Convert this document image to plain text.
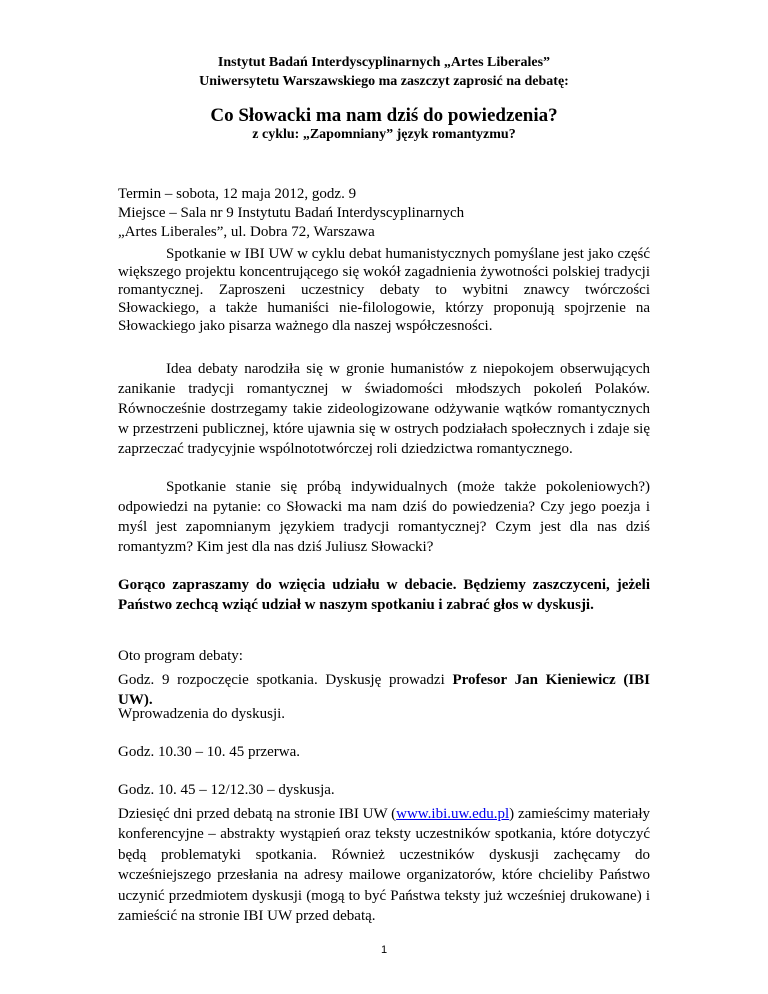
Instytut Badań Interdyscyplinarnych „Artes Liberales”

Uniwersytetu Warszawskiego ma zaszczyt zaprosić na debatę:

Co Słowacki ma nam dziś do powiedzenia?

z cyklu: „Zapomniany” język romantyzmu?

Termin – sobota, 12 maja 2012, godz. 9

Miejsce – Sala nr 9 Instytutu Badań Interdyscyplinarnych

„Artes Liberales”, ul. Dobra 72, Warszawa

Spotkanie w IBI UW w cyklu debat humanistycznych pomyślane jest jako część większego projektu koncentrującego się wokół zagadnienia żywotności polskiej tradycji romantycznej. Zaproszeni uczestnicy debaty to wybitni znawcy twórczości Słowackiego, a także humaniści nie-filologowie, którzy proponują spojrzenie na Słowackiego jako pisarza ważnego dla naszej współczesności.

Idea debaty narodziła się w gronie humanistów z niepokojem obserwujących zanikanie tradycji romantycznej w świadomości młodszych pokoleń Polaków. Równocześnie dostrzegamy takie zideologizowane odżywanie wątków romantycznych w przestrzeni publicznej, które ujawnia się w ostrych podziałach społecznych i zdaje się zaprzeczać tradycyjnie wspólnototwórczej roli dziedzictwa romantycznego.

Spotkanie stanie się próbą indywidualnych (może także pokoleniowych?) odpowiedzi na pytanie: co Słowacki ma nam dziś do powiedzenia? Czy jego poezja i myśl jest zapomnianym językiem tradycji romantycznej? Czym jest dla nas dziś romantyzm? Kim jest dla nas dziś Juliusz Słowacki?

Gorąco zapraszamy do wzięcia udziału w debacie. Będziemy zaszczyceni, jeżeli Państwo zechcą wziąć udział w naszym spotkaniu i zabrać głos w dyskusji.

Oto program debaty:

Godz. 9 rozpoczęcie spotkania. Dyskusję prowadzi Profesor Jan Kieniewicz (IBI UW).

Wprowadzenia do dyskusji.

Godz. 10.30 – 10. 45 przerwa.

Godz. 10. 45 – 12/12.30 – dyskusja.

Dziesięć dni przed debatą na stronie IBI UW (www.ibi.uw.edu.pl) zamieścimy materiały konferencyjne – abstrakty wystąpień oraz teksty uczestników spotkania, które dotyczyć będą problematyki spotkania. Również uczestników dyskusji zachęcamy do wcześniejszego przesłania na adresy mailowe organizatorów, które chcieliby Państwo uczynić przedmiotem dyskusji (mogą to być Państwa teksty już wcześniej drukowane) i zamieścić na stronie IBI UW przed debatą.

1
